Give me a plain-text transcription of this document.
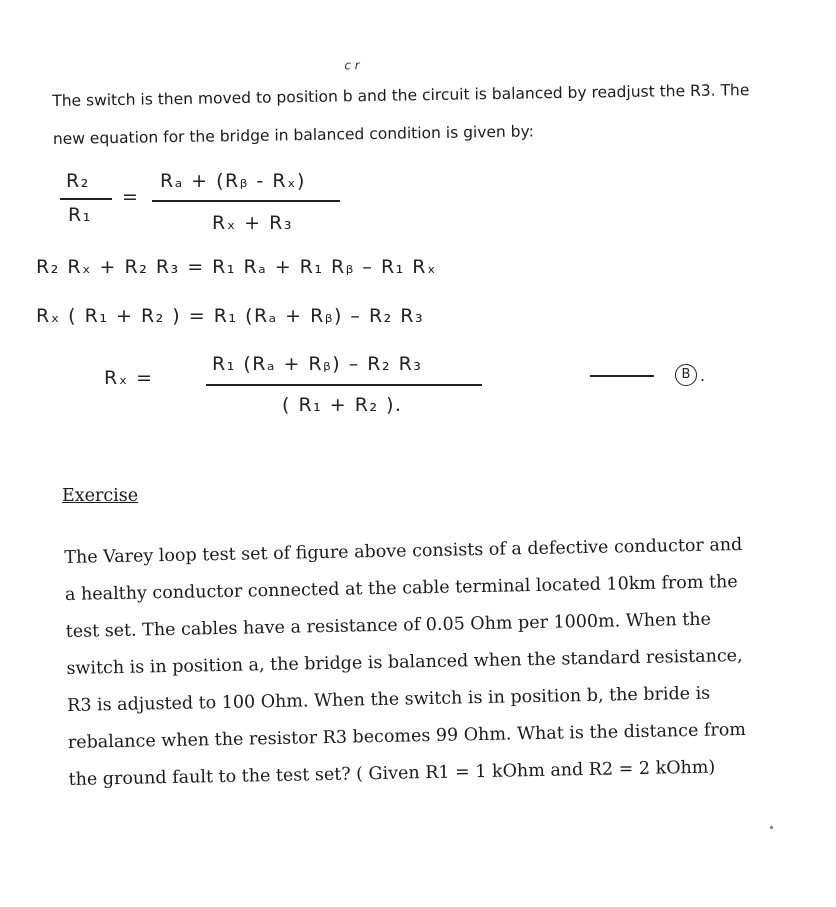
The switch is then moved to position
c r
b and the circuit is balanced by readjust the R3. The
new equation for the bridge in balanced condition is given by:
R₂
R₁
=
Rₐ + (Rᵦ - Rₓ)
Rₓ + R₃
R₂ Rₓ + R₂ R₃ = R₁ Rₐ + R₁ Rᵦ – R₁ Rₓ
Rₓ ( R₁ + R₂ ) = R₁ (Rₐ + Rᵦ) – R₂ R₃
Rₓ =
R₁ (Rₐ + Rᵦ) – R₂ R₃
( R₁ + R₂ ).
B .
Exercise
The Varey loop test set of figure above consists of a defective conductor and
a healthy conductor connected at the cable terminal located 10km from the
test set. The cables have a resistance of 0.05 Ohm per 1000m. When the
switch is in position a, the bridge is balanced when the standard resistance,
R3 is adjusted to 100 Ohm. When the switch is in position b, the bride is
rebalance when the resistor R3 becomes 99 Ohm. What is the distance from
the ground fault to the test set? ( Given R1 = 1 kOhm and R2 = 2 kOhm)
